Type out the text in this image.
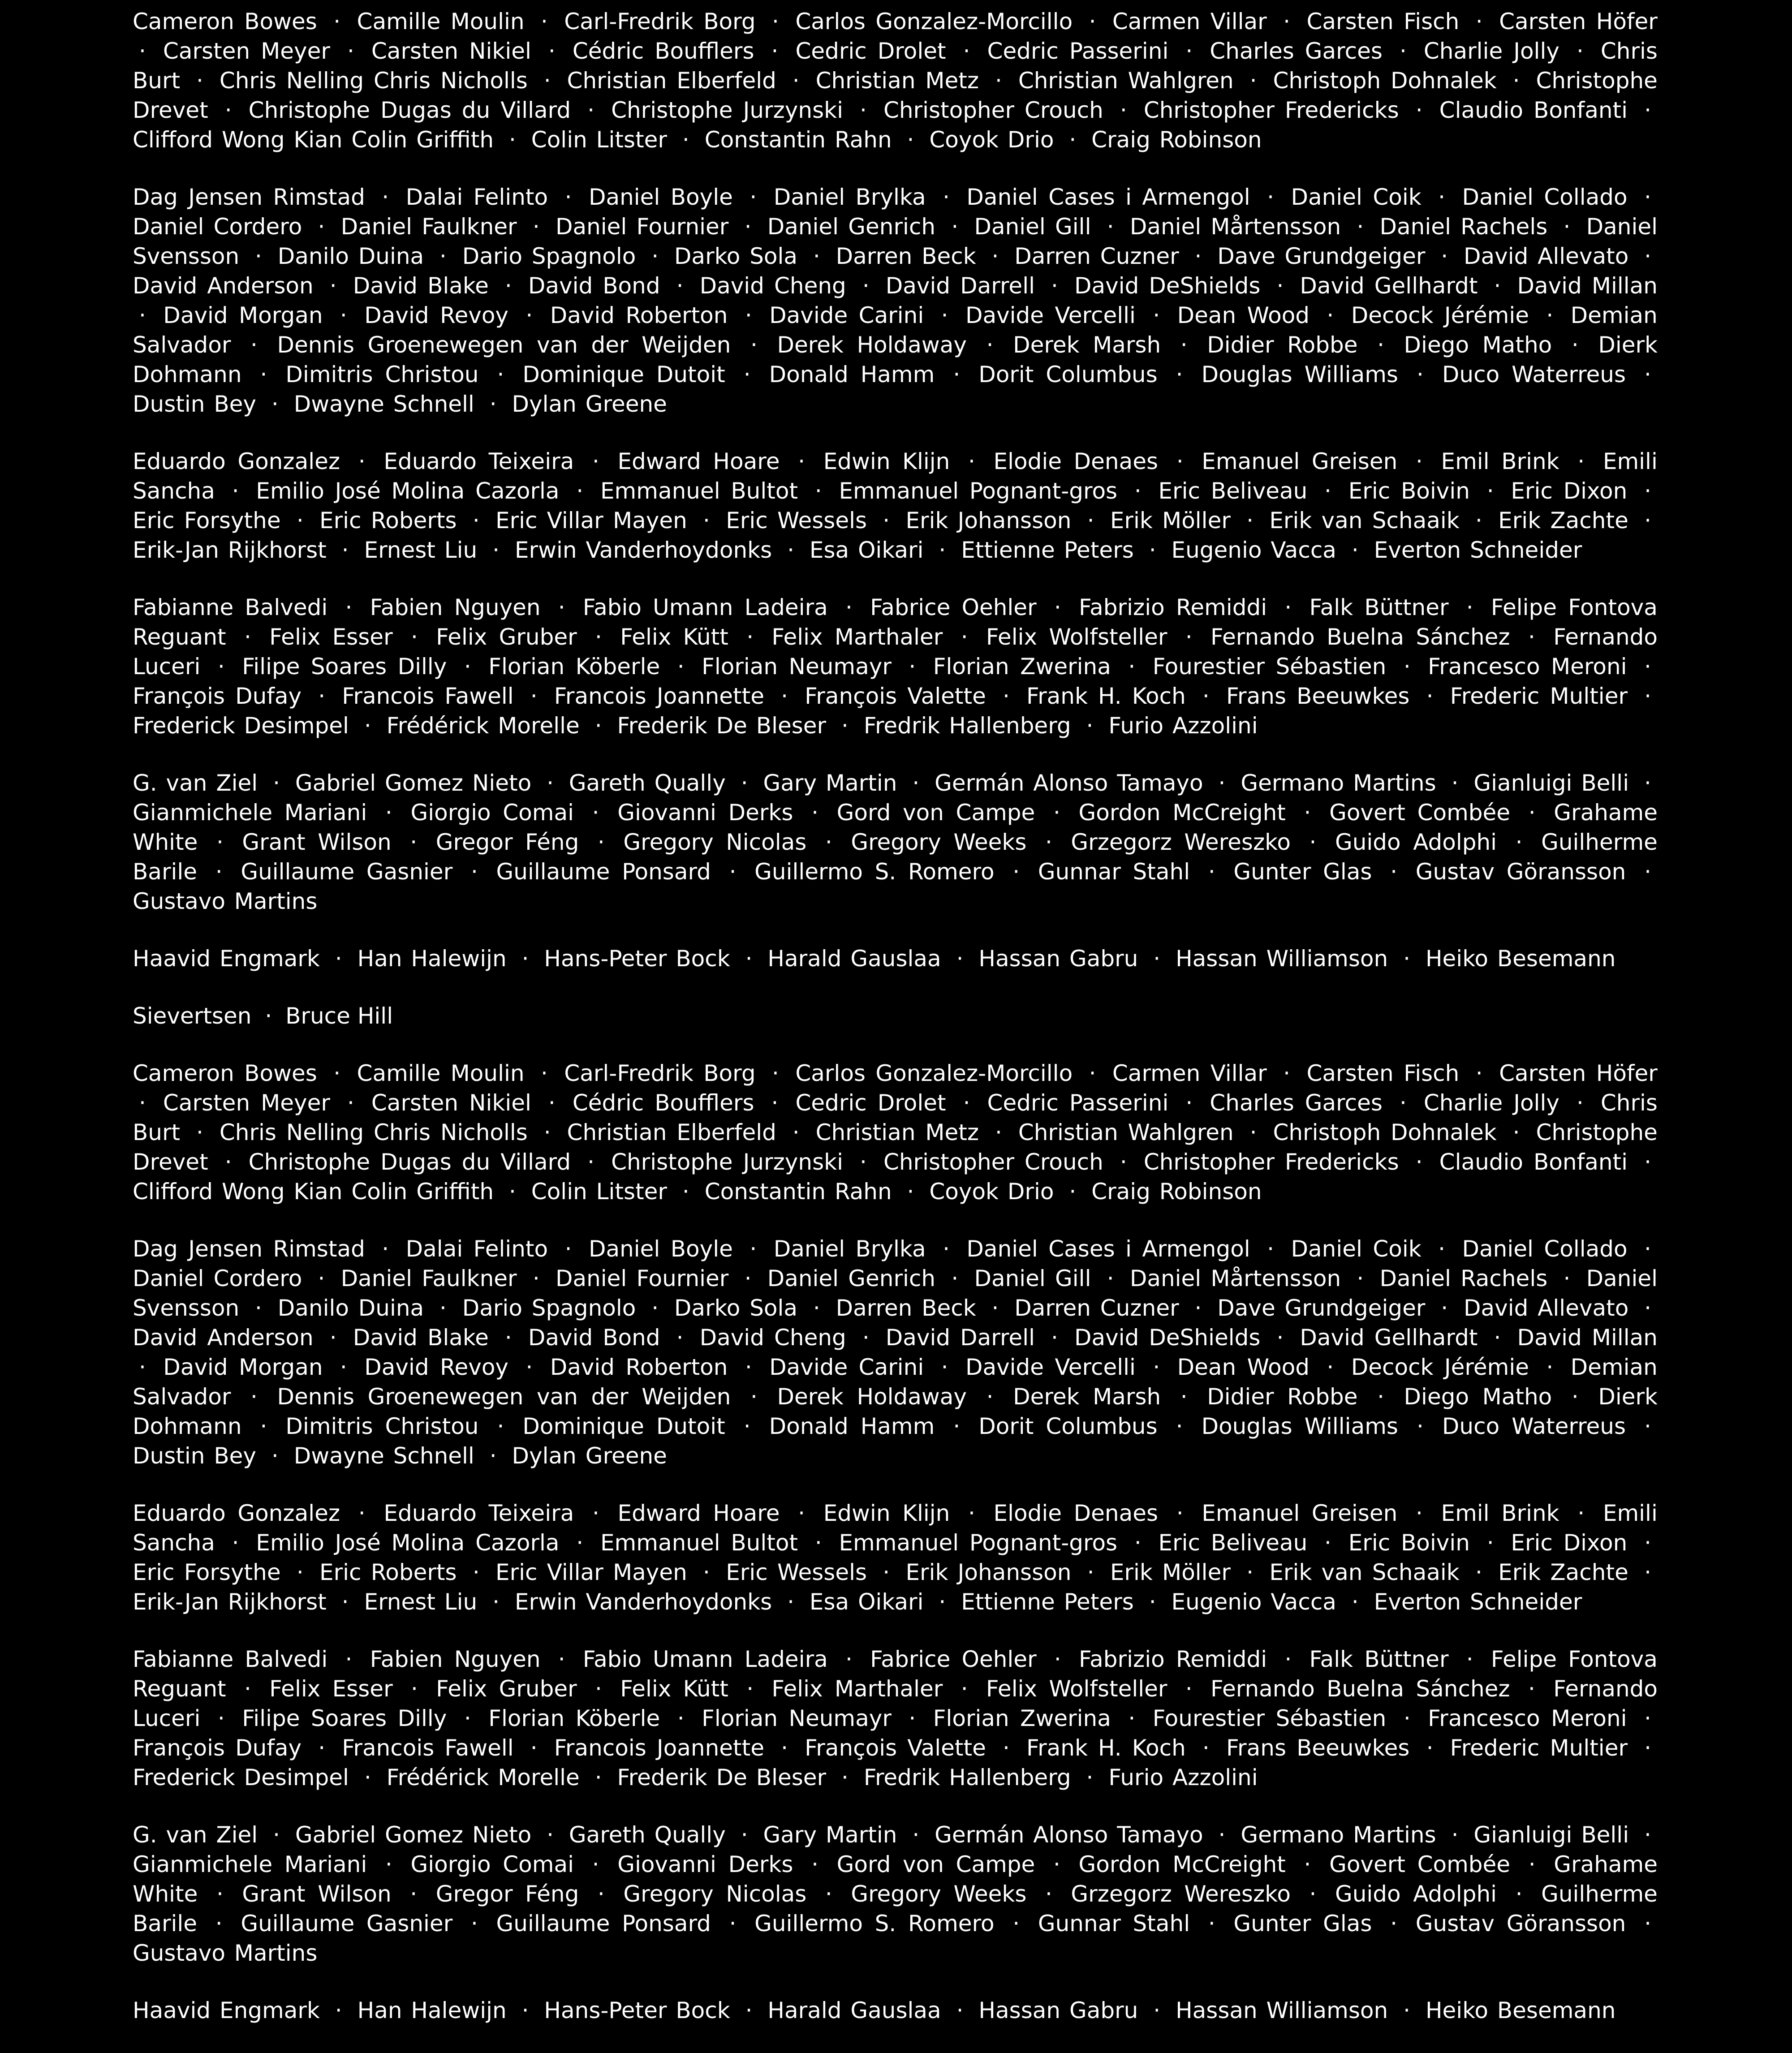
Cameron Bowes · Camille Moulin · Carl-Fredrik Borg · Carlos Gonzalez-Morcillo · Carmen Villar · Carsten Fisch · Carsten Höfer · Carsten Meyer · Carsten Nikiel · Cédric Boufflers · Cedric Drolet · Cedric Passerini · Charles Garces · Charlie Jolly · Chris Burt · Chris Nelling Chris Nicholls · Christian Elberfeld · Christian Metz · Christian Wahlgren · Christoph Dohnalek · Christophe Drevet · Christophe Dugas du Villard · Christophe Jurzynski · Christopher Crouch · Christopher Fredericks · Claudio Bonfanti · Clifford Wong Kian Colin Griffith · Colin Litster · Constantin Rahn · Coyok Drio · Craig Robinson

Dag Jensen Rimstad · Dalai Felinto · Daniel Boyle · Daniel Brylka · Daniel Cases i Armengol · Daniel Coik · Daniel Collado · Daniel Cordero · Daniel Faulkner · Daniel Fournier · Daniel Genrich · Daniel Gill · Daniel Mårtensson · Daniel Rachels · Daniel Svensson · Danilo Duina · Dario Spagnolo · Darko Sola · Darren Beck · Darren Cuzner · Dave Grundgeiger · David Allevato · David Anderson · David Blake · David Bond · David Cheng · David Darrell · David DeShields · David Gellhardt · David Millan · David Morgan · David Revoy · David Roberton · Davide Carini · Davide Vercelli · Dean Wood · Decock Jérémie · Demian Salvador · Dennis Groenewegen van der Weijden · Derek Holdaway · Derek Marsh · Didier Robbe · Diego Matho · Dierk Dohmann · Dimitris Christou · Dominique Dutoit · Donald Hamm · Dorit Columbus · Douglas Williams · Duco Waterreus · Dustin Bey · Dwayne Schnell · Dylan Greene

Eduardo Gonzalez · Eduardo Teixeira · Edward Hoare · Edwin Klijn · Elodie Denaes · Emanuel Greisen · Emil Brink · Emili Sancha · Emilio José Molina Cazorla · Emmanuel Bultot · Emmanuel Pognant-gros · Eric Beliveau · Eric Boivin · Eric Dixon · Eric Forsythe · Eric Roberts · Eric Villar Mayen · Eric Wessels · Erik Johansson · Erik Möller · Erik van Schaaik · Erik Zachte · Erik-Jan Rijkhorst · Ernest Liu · Erwin Vanderhoydonks · Esa Oikari · Ettienne Peters · Eugenio Vacca · Everton Schneider

Fabianne Balvedi · Fabien Nguyen · Fabio Umann Ladeira · Fabrice Oehler · Fabrizio Remiddi · Falk Büttner · Felipe Fontova Reguant · Felix Esser · Felix Gruber · Felix Kütt · Felix Marthaler · Felix Wolfsteller · Fernando Buelna Sánchez · Fernando Luceri · Filipe Soares Dilly · Florian Köberle · Florian Neumayr · Florian Zwerina · Fourestier Sébastien · Francesco Meroni · François Dufay · Francois Fawell · Francois Joannette · François Valette · Frank H. Koch · Frans Beeuwkes · Frederic Multier · Frederick Desimpel · Frédérick Morelle · Frederik De Bleser · Fredrik Hallenberg · Furio Azzolini

G. van Ziel · Gabriel Gomez Nieto · Gareth Qually · Gary Martin · Germán Alonso Tamayo · Germano Martins · Gianluigi Belli · Gianmichele Mariani · Giorgio Comai · Giovanni Derks · Gord von Campe · Gordon McCreight · Govert Combée · Grahame White · Grant Wilson · Gregor Féng · Gregory Nicolas · Gregory Weeks · Grzegorz Wereszko · Guido Adolphi · Guilherme Barile · Guillaume Gasnier · Guillaume Ponsard · Guillermo S. Romero · Gunnar Stahl · Gunter Glas · Gustav Göransson · Gustavo Martins

Haavid Engmark · Han Halewijn · Hans-Peter Bock · Harald Gauslaa · Hassan Gabru · Hassan Williamson · Heiko Besemann

Sievertsen · Bruce Hill

Cameron Bowes · Camille Moulin · Carl-Fredrik Borg · Carlos Gonzalez-Morcillo · Carmen Villar · Carsten Fisch · Carsten Höfer · Carsten Meyer · Carsten Nikiel · Cédric Boufflers · Cedric Drolet · Cedric Passerini · Charles Garces · Charlie Jolly · Chris Burt · Chris Nelling Chris Nicholls · Christian Elberfeld · Christian Metz · Christian Wahlgren · Christoph Dohnalek · Christophe Drevet · Christophe Dugas du Villard · Christophe Jurzynski · Christopher Crouch · Christopher Fredericks · Claudio Bonfanti · Clifford Wong Kian Colin Griffith · Colin Litster · Constantin Rahn · Coyok Drio · Craig Robinson

Dag Jensen Rimstad · Dalai Felinto · Daniel Boyle · Daniel Brylka · Daniel Cases i Armengol · Daniel Coik · Daniel Collado · Daniel Cordero · Daniel Faulkner · Daniel Fournier · Daniel Genrich · Daniel Gill · Daniel Mårtensson · Daniel Rachels · Daniel Svensson · Danilo Duina · Dario Spagnolo · Darko Sola · Darren Beck · Darren Cuzner · Dave Grundgeiger · David Allevato · David Anderson · David Blake · David Bond · David Cheng · David Darrell · David DeShields · David Gellhardt · David Millan · David Morgan · David Revoy · David Roberton · Davide Carini · Davide Vercelli · Dean Wood · Decock Jérémie · Demian Salvador · Dennis Groenewegen van der Weijden · Derek Holdaway · Derek Marsh · Didier Robbe · Diego Matho · Dierk Dohmann · Dimitris Christou · Dominique Dutoit · Donald Hamm · Dorit Columbus · Douglas Williams · Duco Waterreus · Dustin Bey · Dwayne Schnell · Dylan Greene

Eduardo Gonzalez · Eduardo Teixeira · Edward Hoare · Edwin Klijn · Elodie Denaes · Emanuel Greisen · Emil Brink · Emili Sancha · Emilio José Molina Cazorla · Emmanuel Bultot · Emmanuel Pognant-gros · Eric Beliveau · Eric Boivin · Eric Dixon · Eric Forsythe · Eric Roberts · Eric Villar Mayen · Eric Wessels · Erik Johansson · Erik Möller · Erik van Schaaik · Erik Zachte · Erik-Jan Rijkhorst · Ernest Liu · Erwin Vanderhoydonks · Esa Oikari · Ettienne Peters · Eugenio Vacca · Everton Schneider

Fabianne Balvedi · Fabien Nguyen · Fabio Umann Ladeira · Fabrice Oehler · Fabrizio Remiddi · Falk Büttner · Felipe Fontova Reguant · Felix Esser · Felix Gruber · Felix Kütt · Felix Marthaler · Felix Wolfsteller · Fernando Buelna Sánchez · Fernando Luceri · Filipe Soares Dilly · Florian Köberle · Florian Neumayr · Florian Zwerina · Fourestier Sébastien · Francesco Meroni · François Dufay · Francois Fawell · Francois Joannette · François Valette · Frank H. Koch · Frans Beeuwkes · Frederic Multier · Frederick Desimpel · Frédérick Morelle · Frederik De Bleser · Fredrik Hallenberg · Furio Azzolini

G. van Ziel · Gabriel Gomez Nieto · Gareth Qually · Gary Martin · Germán Alonso Tamayo · Germano Martins · Gianluigi Belli · Gianmichele Mariani · Giorgio Comai · Giovanni Derks · Gord von Campe · Gordon McCreight · Govert Combée · Grahame White · Grant Wilson · Gregor Féng · Gregory Nicolas · Gregory Weeks · Grzegorz Wereszko · Guido Adolphi · Guilherme Barile · Guillaume Gasnier · Guillaume Ponsard · Guillermo S. Romero · Gunnar Stahl · Gunter Glas · Gustav Göransson · Gustavo Martins

Haavid Engmark · Han Halewijn · Hans-Peter Bock · Harald Gauslaa · Hassan Gabru · Hassan Williamson · Heiko Besemann
